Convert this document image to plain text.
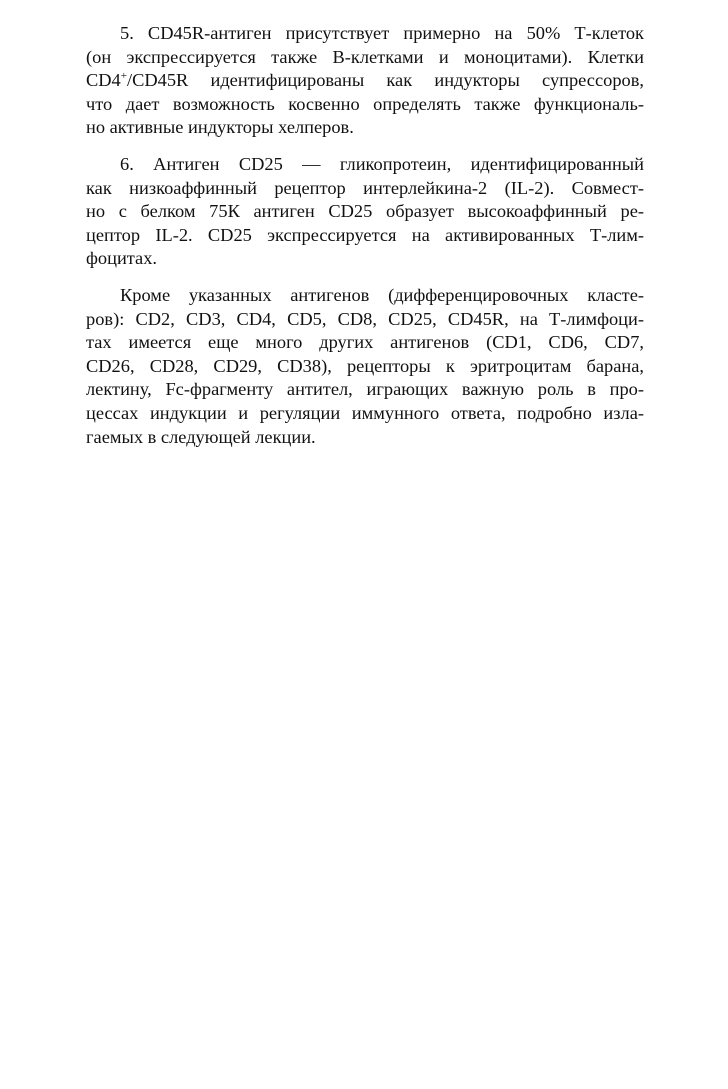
5. CD45R-антиген присутствует примерно на 50% Т-клеток
(он экспрессируется также В-клетками и моноцитами). Клетки
CD4+/CD45R идентифицированы как индукторы супрессоров,
что дает возможность косвенно определять также функциональ-
но активные индукторы хелперов.
6. Антиген CD25 — гликопротеин, идентифицированный
как низкоаффинный рецептор интерлейкина-2 (IL-2). Совмест-
но с белком 75К антиген CD25 образует высокоаффинный ре-
цептор IL-2. CD25 экспрессируется на активированных Т-лим-
фоцитах.
Кроме указанных антигенов (дифференцировочных класте-
ров): CD2, CD3, CD4, CD5, CD8, CD25, CD45R, на Т-лимфоци-
тах имеется еще много других антигенов (CD1, CD6, CD7,
CD26, CD28, CD29, CD38), рецепторы к эритроцитам барана,
лектину, Fc-фрагменту антител, играющих важную роль в про-
цессах индукции и регуляции иммунного ответа, подробно изла-
гаемых в следующей лекции.
